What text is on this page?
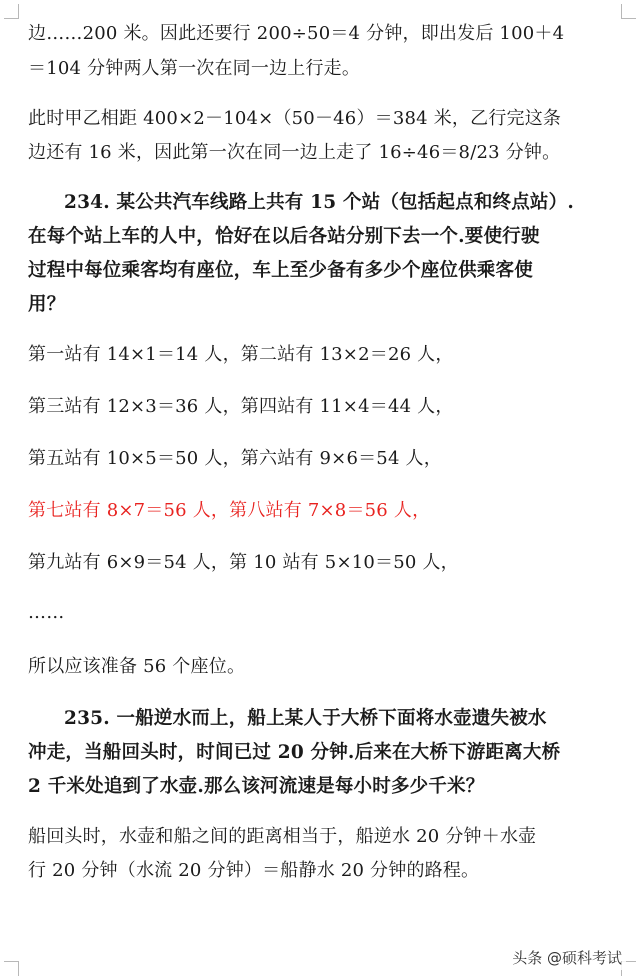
边……200 米。因此还要行 200÷50＝4 分钟，即出发后 100＋4
＝104 分钟两人第一次在同一边上行走。
此时甲乙相距 400×2－104×（50－46）＝384 米，乙行完这条
边还有 16 米，因此第一次在同一边上走了 16÷46＝8/23 分钟。
234. 某公共汽车线路上共有 15 个站（包括起点和终点站）.
在每个站上车的人中，恰好在以后各站分别下去一个.要使行驶
过程中每位乘客均有座位，车上至少备有多少个座位供乘客使
用？
第一站有 14×1＝14 人，第二站有 13×2＝26 人，
第三站有 12×3＝36 人，第四站有 11×4＝44 人，
第五站有 10×5＝50 人，第六站有 9×6＝54 人，
第七站有 8×7＝56 人，第八站有 7×8＝56 人，
第九站有 6×9＝54 人，第 10 站有 5×10＝50 人，
……
所以应该准备 56 个座位。
235. 一船逆水而上，船上某人于大桥下面将水壶遗失被水
冲走，当船回头时，时间已过 20 分钟.后来在大桥下游距离大桥
2 千米处追到了水壶.那么该河流速是每小时多少千米？
船回头时，水壶和船之间的距离相当于，船逆水 20 分钟＋水壶
行 20 分钟（水流 20 分钟）＝船静水 20 分钟的路程。
头条 @硕科考试
